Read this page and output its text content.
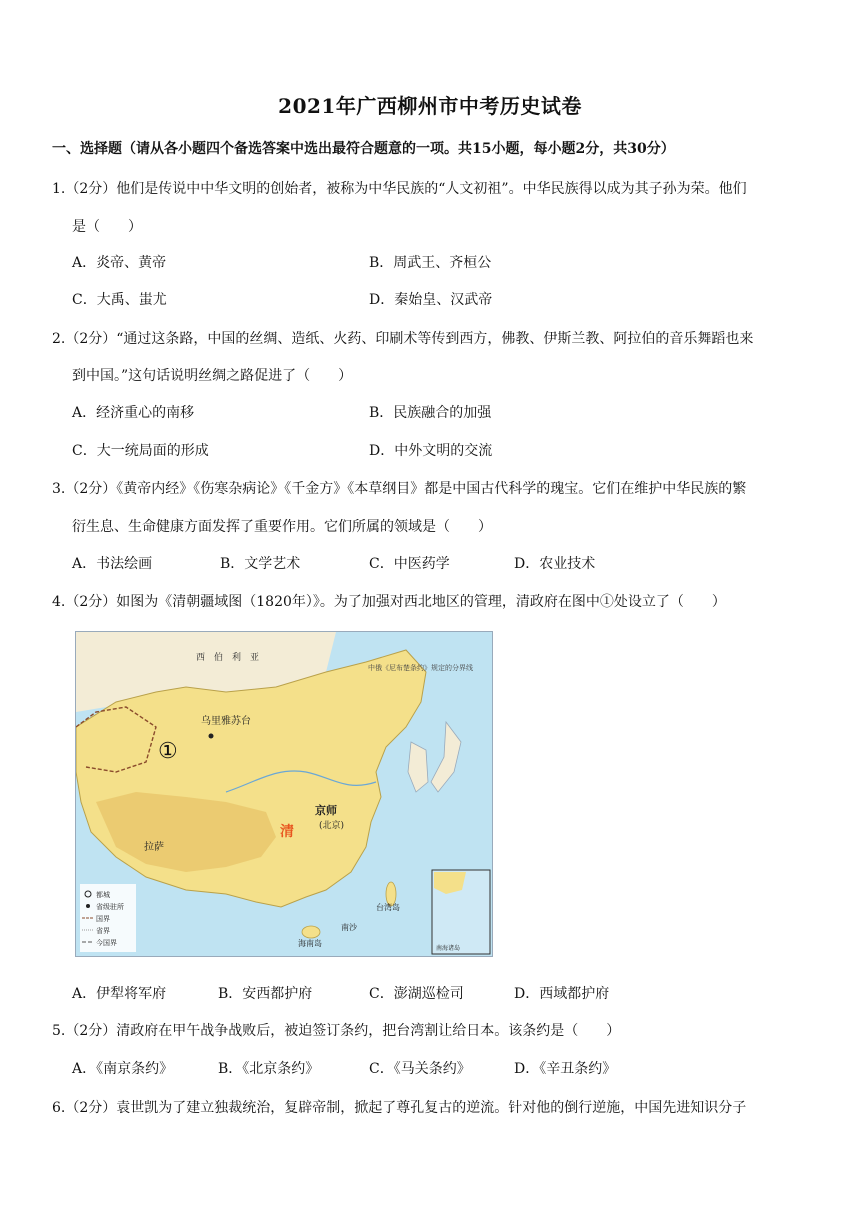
2021年广西柳州市中考历史试卷
一、选择题（请从各小题四个备选答案中选出最符合题意的一项。共15小题，每小题2分，共30分）
1.（2分）他们是传说中中华文明的创始者，被称为中华民族的“人文初祖”。中华民族得以成为其子孙为荣。他们
是（　　）
A．炎帝、黄帝	B．周武王、齐桓公
C．大禹、蚩尤	D．秦始皇、汉武帝
2.（2分）“通过这条路，中国的丝绸、造纸、火药、印刷术等传到西方，佛教、伊斯兰教、阿拉伯的音乐舞蹈也来
到中国。”这句话说明丝绸之路促进了（　　）
A．经济重心的南移	B．民族融合的加强
C．大一统局面的形成	D．中外文明的交流
3.（2分）《黄帝内经》《伤寒杂病论》《千金方》《本草纲目》都是中国古代科学的瑰宝。它们在维护中华民族的繁
衍生息、生命健康方面发挥了重要作用。它们所属的领域是（　　）
A．书法绘画	B．文学艺术	C．中医药学	D．农业技术
4.（2分）如图为《清朝疆域图（1820年）》。为了加强对西北地区的管理，清政府在图中①处设立了（　　）
西　伯　利　亚
乌里雅苏台
①
京师
(北京)
清
拉萨
台湾岛
海南岛
南沙
中俄《尼布楚条约》规定的分界线
都城
省级驻所
国界
省界
今国界
南海诸岛
A．伊犁将军府	B．安西都护府	C．澎湖巡检司	D．西域都护府
5.（2分）清政府在甲午战争战败后，被迫签订条约，把台湾割让给日本。该条约是（　　）
A．《南京条约》	B．《北京条约》	C．《马关条约》	D．《辛丑条约》
6.（2分）袁世凯为了建立独裁统治，复辟帝制，掀起了尊孔复古的逆流。针对他的倒行逆施，中国先进知识分子
